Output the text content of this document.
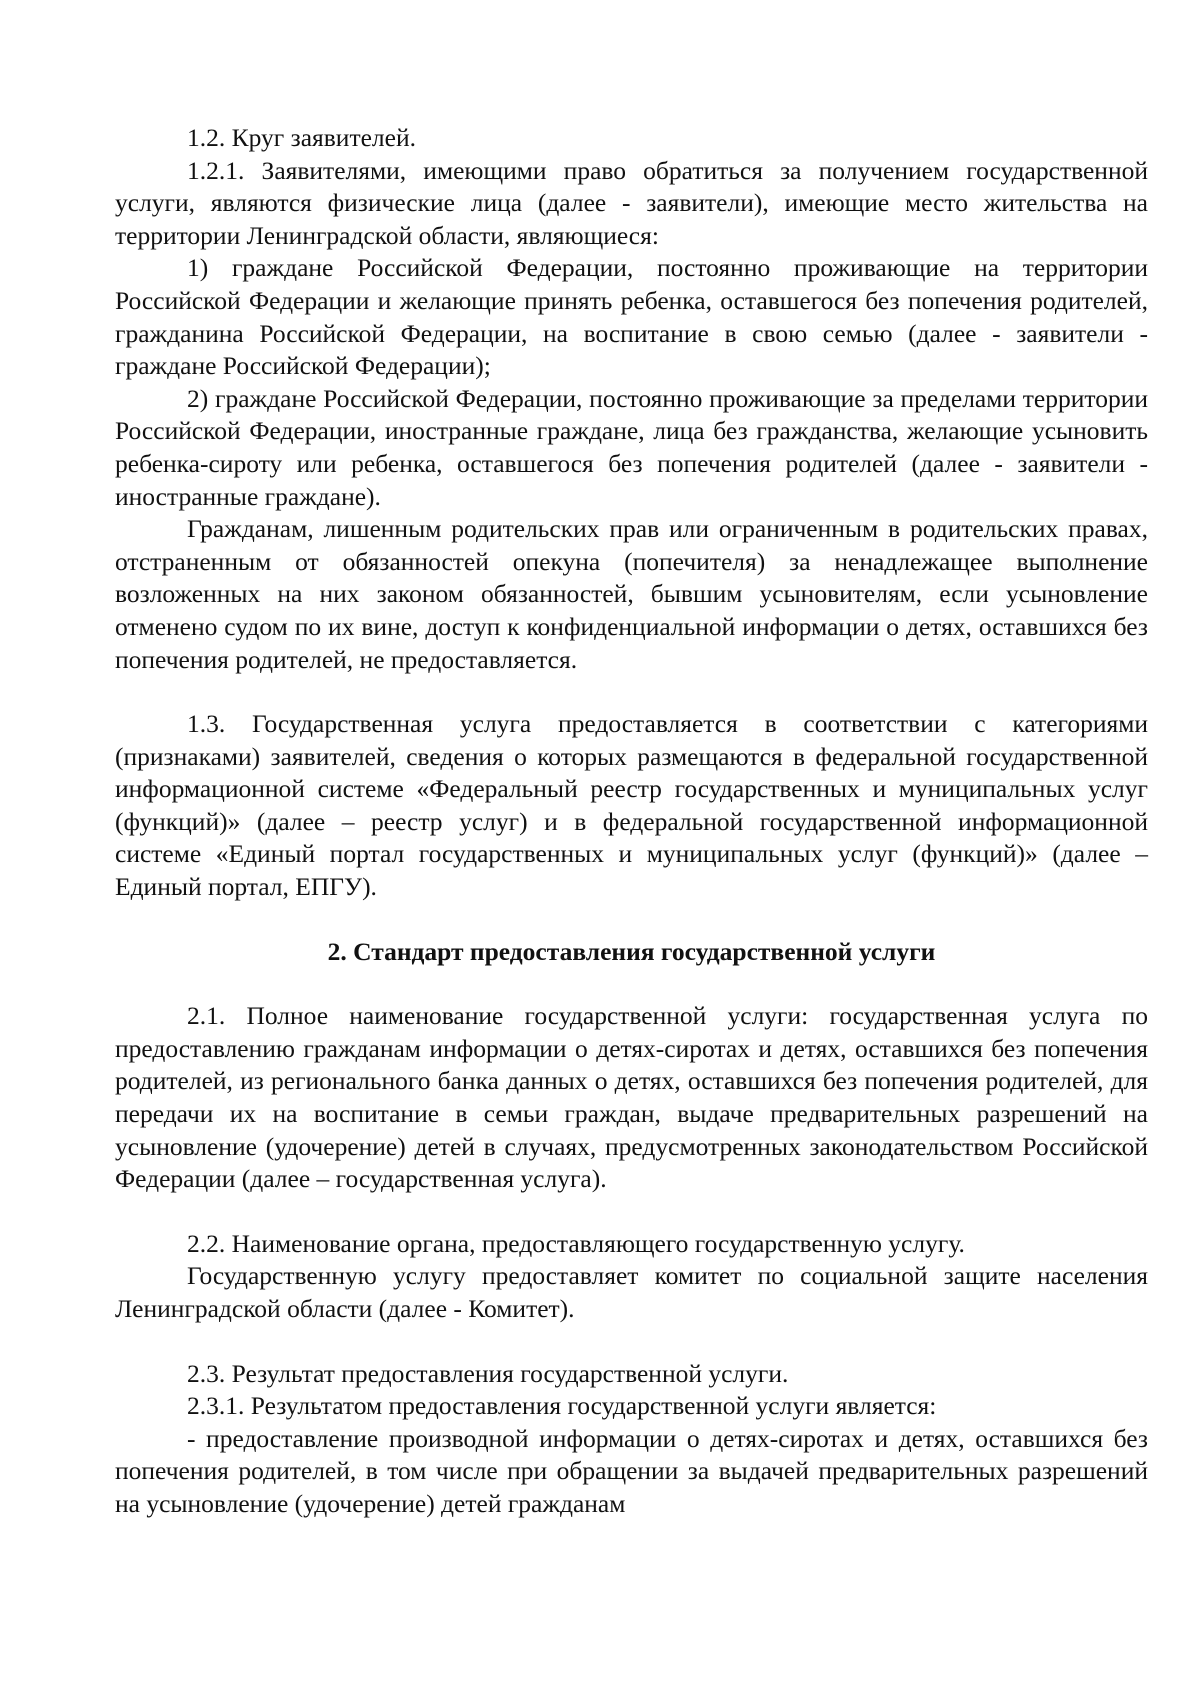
1.2. Круг заявителей.

1.2.1. Заявителями, имеющими право обратиться за получением государственной услуги, являются физические лица (далее - заявители), имеющие место жительства на территории Ленинградской области, являющиеся:

1) граждане Российской Федерации, постоянно проживающие на территории Российской Федерации и желающие принять ребенка, оставшегося без попечения родителей, гражданина Российской Федерации, на воспитание в свою семью (далее - заявители - граждане Российской Федерации);

2) граждане Российской Федерации, постоянно проживающие за пределами территории Российской Федерации, иностранные граждане, лица без гражданства, желающие усыновить ребенка-сироту или ребенка, оставшегося без попечения родителей (далее - заявители - иностранные граждане).

Гражданам, лишенным родительских прав или ограниченным в родительских правах, отстраненным от обязанностей опекуна (попечителя) за ненадлежащее выполнение возложенных на них законом обязанностей, бывшим усыновителям, если усыновление отменено судом по их вине, доступ к конфиденциальной информации о детях, оставшихся без попечения родителей, не предоставляется.

1.3. Государственная услуга предоставляется в соответствии с категориями (признаками) заявителей, сведения о которых размещаются в федеральной государственной информационной системе «Федеральный реестр государственных и муниципальных услуг (функций)» (далее – реестр услуг) и в федеральной государственной информационной системе «Единый портал государственных и муниципальных услуг (функций)» (далее – Единый портал, ЕПГУ).

2. Стандарт предоставления государственной услуги

2.1. Полное наименование государственной услуги: государственная услуга по предоставлению гражданам информации о детях-сиротах и детях, оставшихся без попечения родителей, из регионального банка данных о детях, оставшихся без попечения родителей, для передачи их на воспитание в семьи граждан, выдаче предварительных разрешений на усыновление (удочерение) детей в случаях, предусмотренных законодательством Российской Федерации (далее – государственная услуга).

2.2. Наименование органа, предоставляющего государственную услугу.

Государственную услугу предоставляет комитет по социальной защите населения Ленинградской области (далее - Комитет).

2.3. Результат предоставления государственной услуги.

2.3.1. Результатом предоставления государственной услуги является:

- предоставление производной информации о детях-сиротах и детях, оставшихся без попечения родителей, в том числе при обращении за выдачей предварительных разрешений на усыновление (удочерение) детей гражданам
